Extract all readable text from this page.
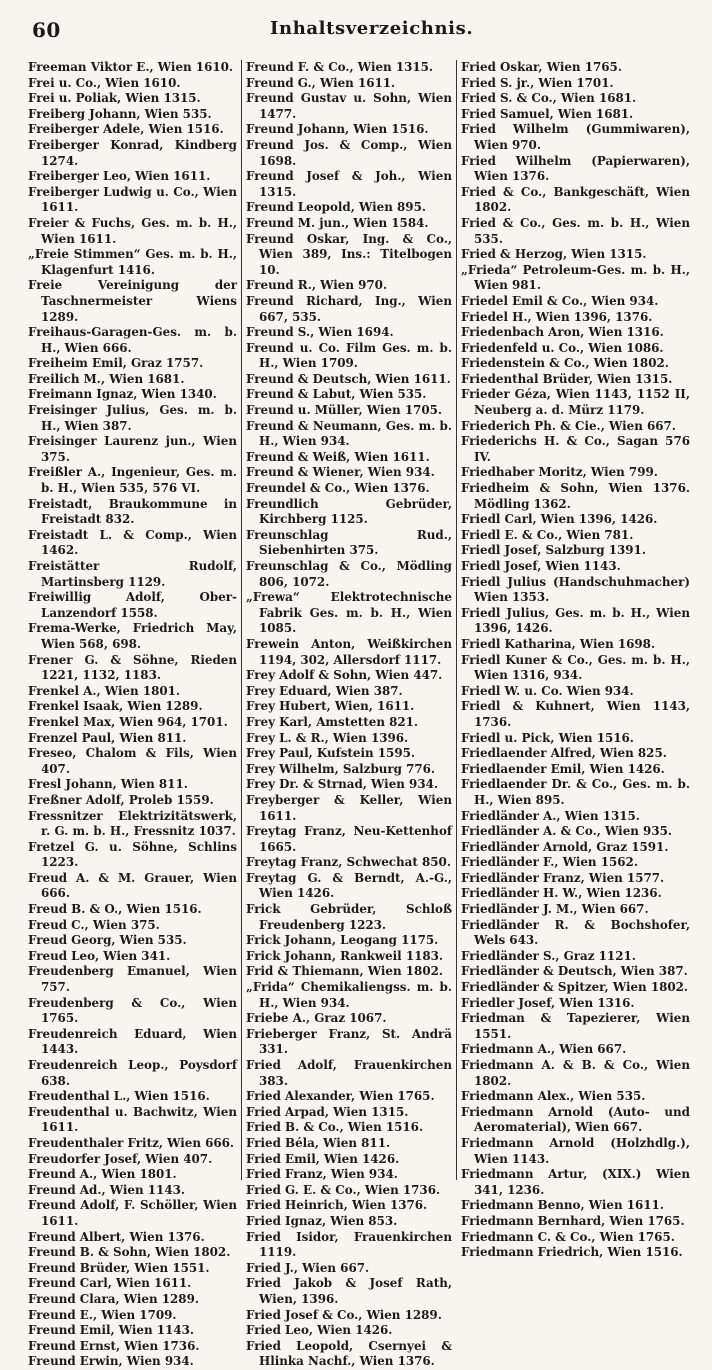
60	Inhaltsverzeichnis.

Freeman Viktor E., Wien 1610.

Frei u. Co., Wien 1610.

Frei u. Poliak, Wien 1315.

Freiberg Johann, Wien 535.

Freiberger Adele, Wien 1516.

Freiberger Konrad, Kindberg 1274.

Freiberger Leo, Wien 1611.

Freiberger Ludwig u. Co., Wien 1611.

Freier & Fuchs, Ges. m. b. H., Wien 1611.

„Freie Stimmen“ Ges. m. b. H., Klagenfurt 1416.

Freie Vereinigung der Taschnermeister Wiens 1289.

Freihaus-Garagen-Ges. m. b. H., Wien 666.

Freiheim Emil, Graz 1757.

Freilich M., Wien 1681.

Freimann Ignaz, Wien 1340.

Freisinger Julius, Ges. m. b. H., Wien 387.

Freisinger Laurenz jun., Wien 375.

Freißler A., Ingenieur, Ges. m. b. H., Wien 535, 576 VI.

Freistadt, Braukommune in Freistadt 832.

Freistadt L. & Comp., Wien 1462.

Freistätter Rudolf, Martinsberg 1129.

Freiwillig Adolf, Ober-Lanzendorf 1558.

Frema-Werke, Friedrich May, Wien 568, 698.

Frener G. & Söhne, Rieden 1221, 1132, 1183.

Frenkel A., Wien 1801.

Frenkel Isaak, Wien 1289.

Frenkel Max, Wien 964, 1701.

Frenzel Paul, Wien 811.

Freseo, Chalom & Fils, Wien 407.

Fresl Johann, Wien 811.

Freßner Adolf, Proleb 1559.

Fressnitzer Elektrizitätswerk, r. G. m. b. H., Fressnitz 1037.

Fretzel G. u. Söhne, Schlins 1223.

Freud A. & M. Grauer, Wien 666.

Freud B. & O., Wien 1516.

Freud C., Wien 375.

Freud Georg, Wien 535.

Freud Leo, Wien 341.

Freudenberg Emanuel, Wien 757.

Freudenberg & Co., Wien 1765.

Freudenreich Eduard, Wien 1443.

Freudenreich Leop., Poysdorf 638.

Freudenthal L., Wien 1516.

Freudenthal u. Bachwitz, Wien 1611.

Freudenthaler Fritz, Wien 666.

Freudorfer Josef, Wien 407.

Freund A., Wien 1801.

Freund Ad., Wien 1143.

Freund Adolf, F. Schöller, Wien 1611.

Freund Albert, Wien 1376.

Freund B. & Sohn, Wien 1802.

Freund Brüder, Wien 1551.

Freund Carl, Wien 1611.

Freund Clara, Wien 1289.

Freund E., Wien 1709.

Freund Emil, Wien 1143.

Freund Ernst, Wien 1736.

Freund Erwin, Wien 934.

Freund F. & Co., Wien 1315.

Freund G., Wien 1611.

Freund Gustav u. Sohn, Wien 1477.

Freund Johann, Wien 1516.

Freund Jos. & Comp., Wien 1698.

Freund Josef & Joh., Wien 1315.

Freund Leopold, Wien 895.

Freund M. jun., Wien 1584.

Freund Oskar, Ing. & Co., Wien 389, Ins.: Titelbogen 10.

Freund R., Wien 970.

Freund Richard, Ing., Wien 667, 535.

Freund S., Wien 1694.

Freund u. Co. Film Ges. m. b. H., Wien 1709.

Freund & Deutsch, Wien 1611.

Freund & Labut, Wien 535.

Freund u. Müller, Wien 1705.

Freund & Neumann, Ges. m. b. H., Wien 934.

Freund & Weiß, Wien 1611.

Freund & Wiener, Wien 934.

Freundel & Co., Wien 1376.

Freundlich Gebrüder, Kirchberg 1125.

Freunschlag Rud., Siebenhirten 375.

Freunschlag & Co., Mödling 806, 1072.

„Frewa“ Elektrotechnische Fabrik Ges. m. b. H., Wien 1085.

Frewein Anton, Weißkirchen 1194, 302, Allersdorf 1117.

Frey Adolf & Sohn, Wien 447.

Frey Eduard, Wien 387.

Frey Hubert, Wien, 1611.

Frey Karl, Amstetten 821.

Frey L. & R., Wien 1396.

Frey Paul, Kufstein 1595.

Frey Wilhelm, Salzburg 776.

Frey Dr. & Strnad, Wien 934.

Freyberger & Keller, Wien 1611.

Freytag Franz, Neu-Kettenhof 1665.

Freytag Franz, Schwechat 850.

Freytag G. & Berndt, A.-G., Wien 1426.

Frick Gebrüder, Schloß Freudenberg 1223.

Frick Johann, Leogang 1175.

Frick Johann, Rankweil 1183.

Frid & Thiemann, Wien 1802.

„Frida“ Chemikaliengss. m. b. H., Wien 934.

Friebe A., Graz 1067.

Frieberger Franz, St. Andrä 331.

Fried Adolf, Frauenkirchen 383.

Fried Alexander, Wien 1765.

Fried Arpad, Wien 1315.

Fried B. & Co., Wien 1516.

Fried Béla, Wien 811.

Fried Emil, Wien 1426.

Fried Franz, Wien 934.

Fried G. E. & Co., Wien 1736.

Fried Heinrich, Wien 1376.

Fried Ignaz, Wien 853.

Fried Isidor, Frauenkirchen 1119.

Fried J., Wien 667.

Fried Jakob & Josef Rath, Wien, 1396.

Fried Josef & Co., Wien 1289.

Fried Leo, Wien 1426.

Fried Leopold, Csernyei & Hlinka Nachf., Wien 1376.

Fried Oskar, Wien 1765.

Fried S. jr., Wien 1701.

Fried S. & Co., Wien 1681.

Fried Samuel, Wien 1681.

Fried Wilhelm (Gummiwaren), Wien 970.

Fried Wilhelm (Papierwaren), Wien 1376.

Fried & Co., Bankgeschäft, Wien 1802.

Fried & Co., Ges. m. b. H., Wien 535.

Fried & Herzog, Wien 1315.

„Frieda“ Petroleum-Ges. m. b. H., Wien 981.

Friedel Emil & Co., Wien 934.

Friedel H., Wien 1396, 1376.

Friedenbach Aron, Wien 1316.

Friedenfeld u. Co., Wien 1086.

Friedenstein & Co., Wien 1802.

Friedenthal Brüder, Wien 1315.

Frieder Géza, Wien 1143, 1152 II, Neuberg a. d. Mürz 1179.

Friederich Ph. & Cie., Wien 667.

Friederichs H. & Co., Sagan 576 IV.

Friedhaber Moritz, Wien 799.

Friedheim & Sohn, Wien 1376. Mödling 1362.

Friedl Carl, Wien 1396, 1426.

Friedl E. & Co., Wien 781.

Friedl Josef, Salzburg 1391.

Friedl Josef, Wien 1143.

Friedl Julius (Handschuhmacher) Wien 1353.

Friedl Julius, Ges. m. b. H., Wien 1396, 1426.

Friedl Katharina, Wien 1698.

Friedl Kuner & Co., Ges. m. b. H., Wien 1316, 934.

Friedl W. u. Co. Wien 934.

Friedl & Kuhnert, Wien 1143, 1736.

Friedl u. Pick, Wien 1516.

Friedlaender Alfred, Wien 825.

Friedlaender Emil, Wien 1426.

Friedlaender Dr. & Co., Ges. m. b. H., Wien 895.

Friedländer A., Wien 1315.

Friedländer A. & Co., Wien 935.

Friedländer Arnold, Graz 1591.

Friedländer F., Wien 1562.

Friedländer Franz, Wien 1577.

Friedländer H. W., Wien 1236.

Friedländer J. M., Wien 667.

Friedländer R. & Bochshofer, Wels 643.

Friedländer S., Graz 1121.

Friedländer & Deutsch, Wien 387.

Friedländer & Spitzer, Wien 1802.

Friedler Josef, Wien 1316.

Friedman & Tapezierer, Wien 1551.

Friedmann A., Wien 667.

Friedmann A. & B. & Co., Wien 1802.

Friedmann Alex., Wien 535.

Friedmann Arnold (Auto- und Aeromaterial), Wien 667.

Friedmann Arnold (Holzhdlg.), Wien 1143.

Friedmann Artur, (XIX.) Wien 341, 1236.

Friedmann Benno, Wien 1611.

Friedmann Bernhard, Wien 1765.

Friedmann C. & Co., Wien 1765.

Friedmann Friedrich, Wien 1516.
